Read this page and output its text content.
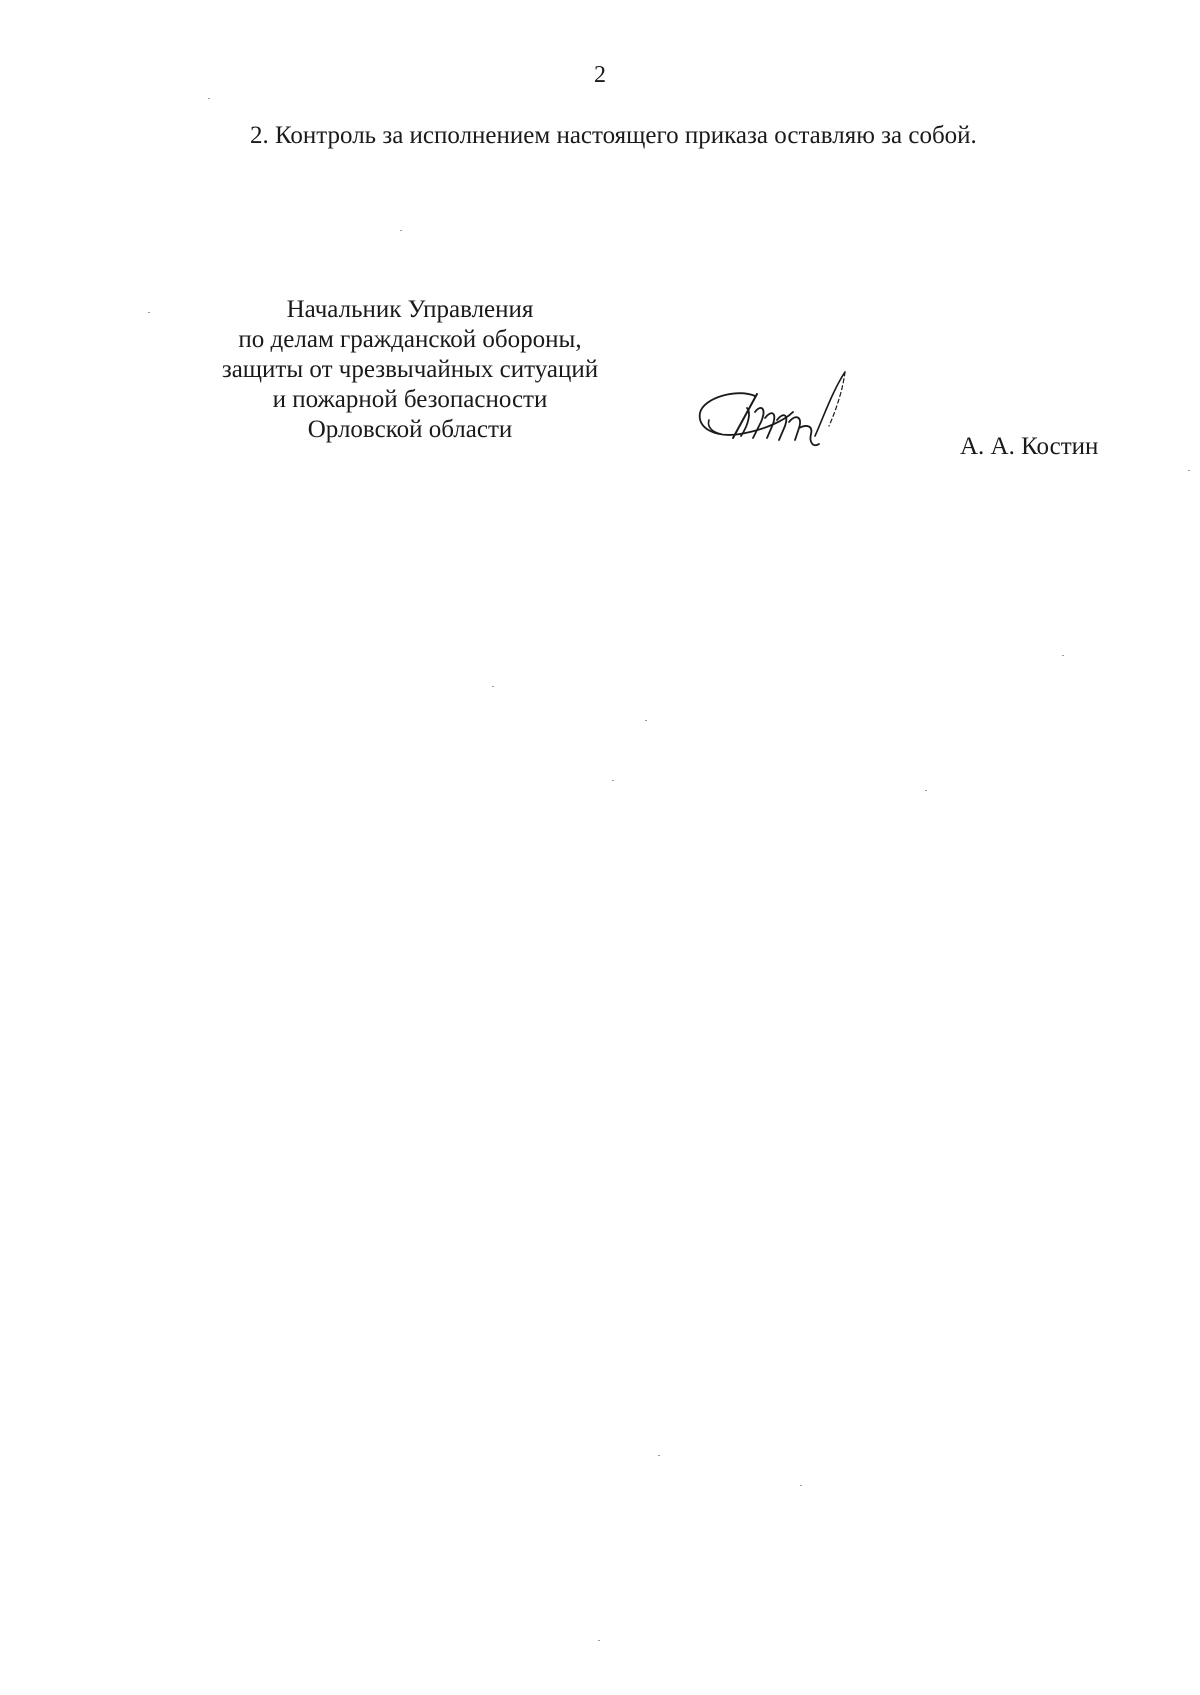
2
2. Контроль за исполнением настоящего приказа оставляю за собой.
Начальник Управления
по делам гражданской обороны,
защиты от чрезвычайных ситуаций
и пожарной безопасности
Орловской области
А. А. Костин
